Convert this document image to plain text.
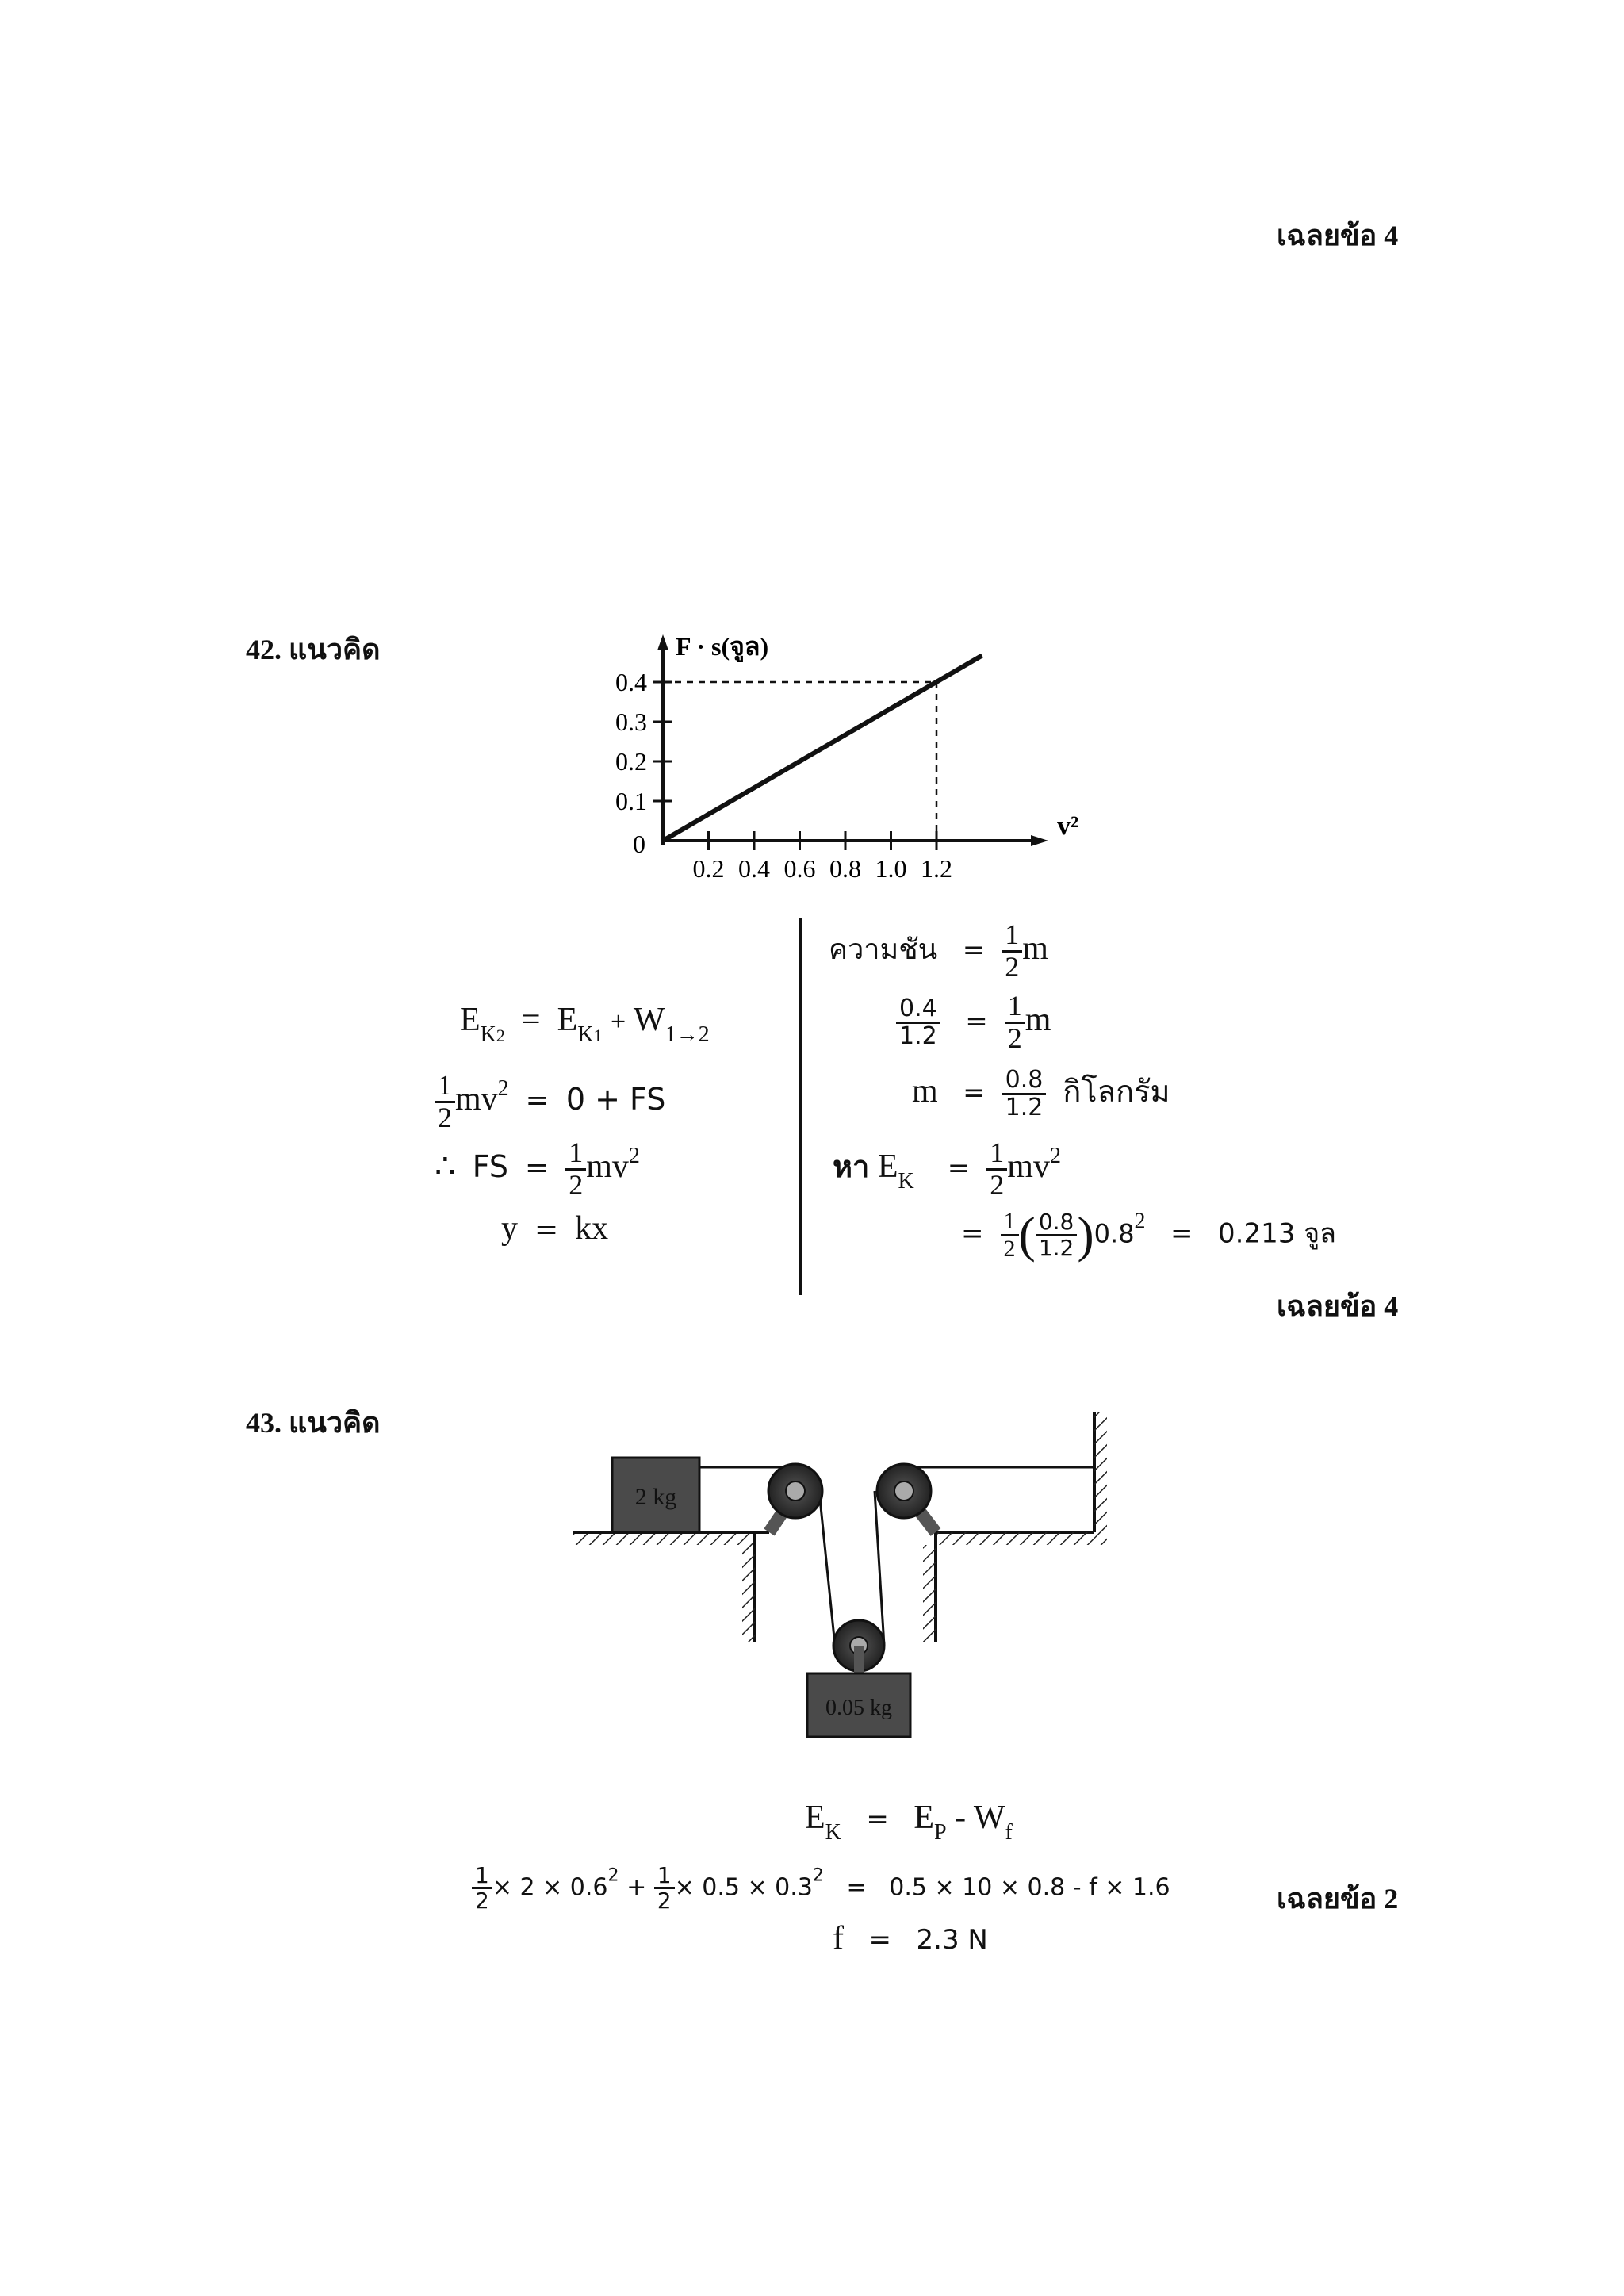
เฉลยข้อ 4
42. แนวคิด
0.2 0.4 0.6 0.8 1.0 1.2
0.1
0.2
0.3
0.4
F · s(จูล)
v²
0
$E_{K2} = E_{K1} + W_{1\to 2}$
$\frac{1}{2} mv^2 = 0$ + FS
∴ FS = $\frac{1}{2} mv^2$
y = kx
ความชัน = $\frac{1}{2}$ m
$\frac{0.4}{1.2} = \frac{1}{2}$ m
$m = \frac{0.8}{1.2}$ กิโลกรัม
หา $E_K = \frac{1}{2} mv^2$
= $\frac{1}{2}$ ( $\frac{0.8}{1.2} )0.8^2 = 0.213$ จูล
เฉลยข้อ 4
43. แนวคิด
2 kg
0.05 kg
$E_K = E_P - W_f$
$\frac{1}{2} \times 2 \times 0.6^2 + \frac{1}{2} \times 0.5 \times 0.3^2 = 0.5 \times 10 \times 0.8 - f \times 1.6$	เฉลยข้อ 2
f = 2.3 N
